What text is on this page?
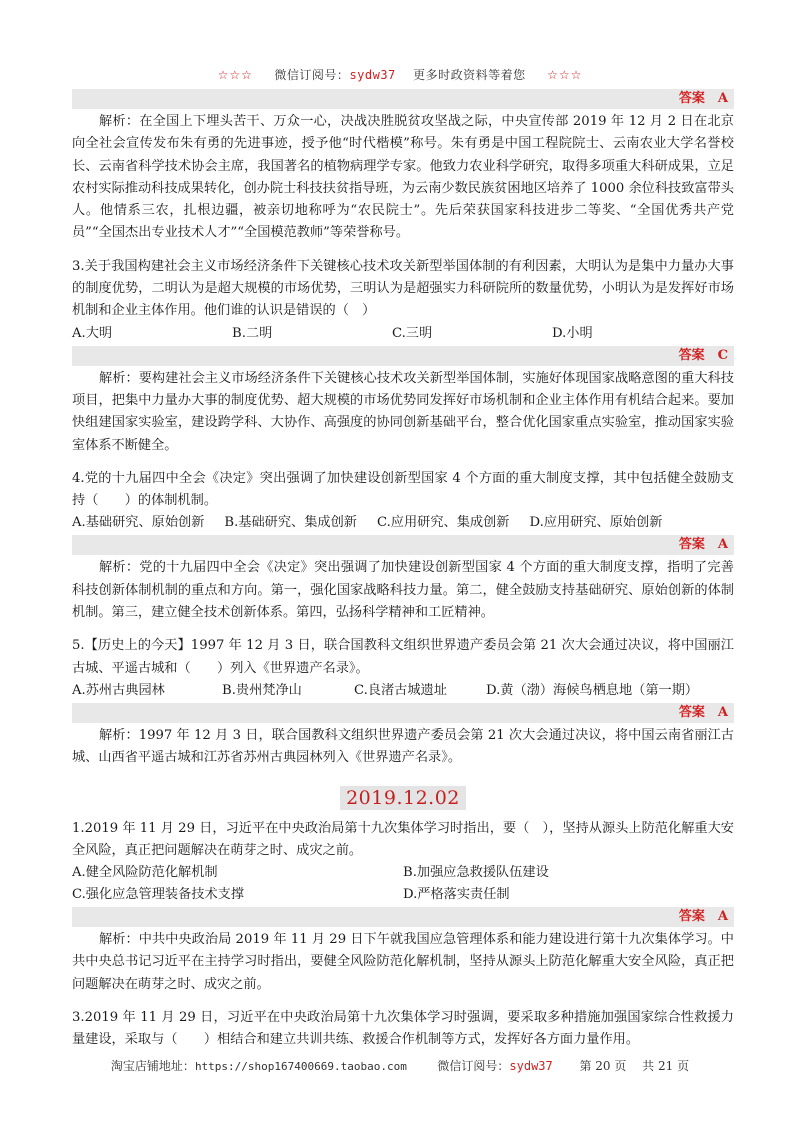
☆☆☆ 微信订阅号：sydw37 更多时政资料等着您 ☆☆☆
答案　A

解析：在全国上下埋头苦干、万众一心，决战决胜脱贫攻坚战之际，中央宣传部 2019 年 12 月 2 日在北京向全社会宣传发布朱有勇的先进事迹，授予他“时代楷模”称号。朱有勇是中国工程院院士、云南农业大学名誉校长、云南省科学技术协会主席，我国著名的植物病理学专家。他致力农业科学研究，取得多项重大科研成果，立足农村实际推动科技成果转化，创办院士科技扶贫指导班，为云南少数民族贫困地区培养了 1000 余位科技致富带头人。他情系三农，扎根边疆，被亲切地称呼为“农民院士”。先后荣获国家科技进步二等奖、“全国优秀共产党员”“全国杰出专业技术人才”“全国模范教师”等荣誉称号。

3.关于我国构建社会主义市场经济条件下关键核心技术攻关新型举国体制的有利因素，大明认为是集中力量办大事的制度优势，二明认为是超大规模的市场优势，三明认为是超强实力科研院所的数量优势，小明认为是发挥好市场机制和企业主体作用。他们谁的认识是错误的（　）

A.大明	B.二明	C.三明	D.小明
答案　C

解析：要构建社会主义市场经济条件下关键核心技术攻关新型举国体制，实施好体现国家战略意图的重大科技项目，把集中力量办大事的制度优势、超大规模的市场优势同发挥好市场机制和企业主体作用有机结合起来。要加快组建国家实验室，建设跨学科、大协作、高强度的协同创新基础平台，整合优化国家重点实验室，推动国家实验室体系不断健全。

4.党的十九届四中全会《决定》突出强调了加快建设创新型国家 4 个方面的重大制度支撑，其中包括健全鼓励支持（　　）的体制机制。

A.基础研究、原始创新 B.基础研究、集成创新 C.应用研究、集成创新 D.应用研究、原始创新
答案　A

解析：党的十九届四中全会《决定》突出强调了加快建设创新型国家 4 个方面的重大制度支撑，指明了完善科技创新体制机制的重点和方向。第一，强化国家战略科技力量。第二，健全鼓励支持基础研究、原始创新的体制机制。第三，建立健全技术创新体系。第四，弘扬科学精神和工匠精神。

5.【历史上的今天】1997 年 12 月 3 日，联合国教科文组织世界遗产委员会第 21 次大会通过决议，将中国丽江古城、平遥古城和（　　）列入《世界遗产名录》。

A.苏州古典园林	B.贵州梵净山	C.良渚古城遗址	D.黄（渤）海候鸟栖息地（第一期）
答案　A

解析：1997 年 12 月 3 日，联合国教科文组织世界遗产委员会第 21 次大会通过决议，将中国云南省丽江古城、山西省平遥古城和江苏省苏州古典园林列入《世界遗产名录》。

2019.12.02

1.2019 年 11 月 29 日，习近平在中央政治局第十九次集体学习时指出，要（　），坚持从源头上防范化解重大安全风险，真正把问题解决在萌芽之时、成灾之前。

A.健全风险防范化解机制	B.加强应急救援队伍建设
C.强化应急管理装备技术支撑	D.严格落实责任制
答案　A

解析：中共中央政治局 2019 年 11 月 29 日下午就我国应急管理体系和能力建设进行第十九次集体学习。中共中央总书记习近平在主持学习时指出，要健全风险防范化解机制，坚持从源头上防范化解重大安全风险，真正把问题解决在萌芽之时、成灾之前。

3.2019 年 11 月 29 日，习近平在中央政治局第十九次集体学习时强调，要采取多种措施加强国家综合性救援力量建设，采取与（　　）相结合和建立共训共练、救援合作机制等方式，发挥好各方面力量作用。

淘宝店铺地址：https://shop167400669.taobao.com	微信订阅号：sydw37 第 20 页　 共 21 页
